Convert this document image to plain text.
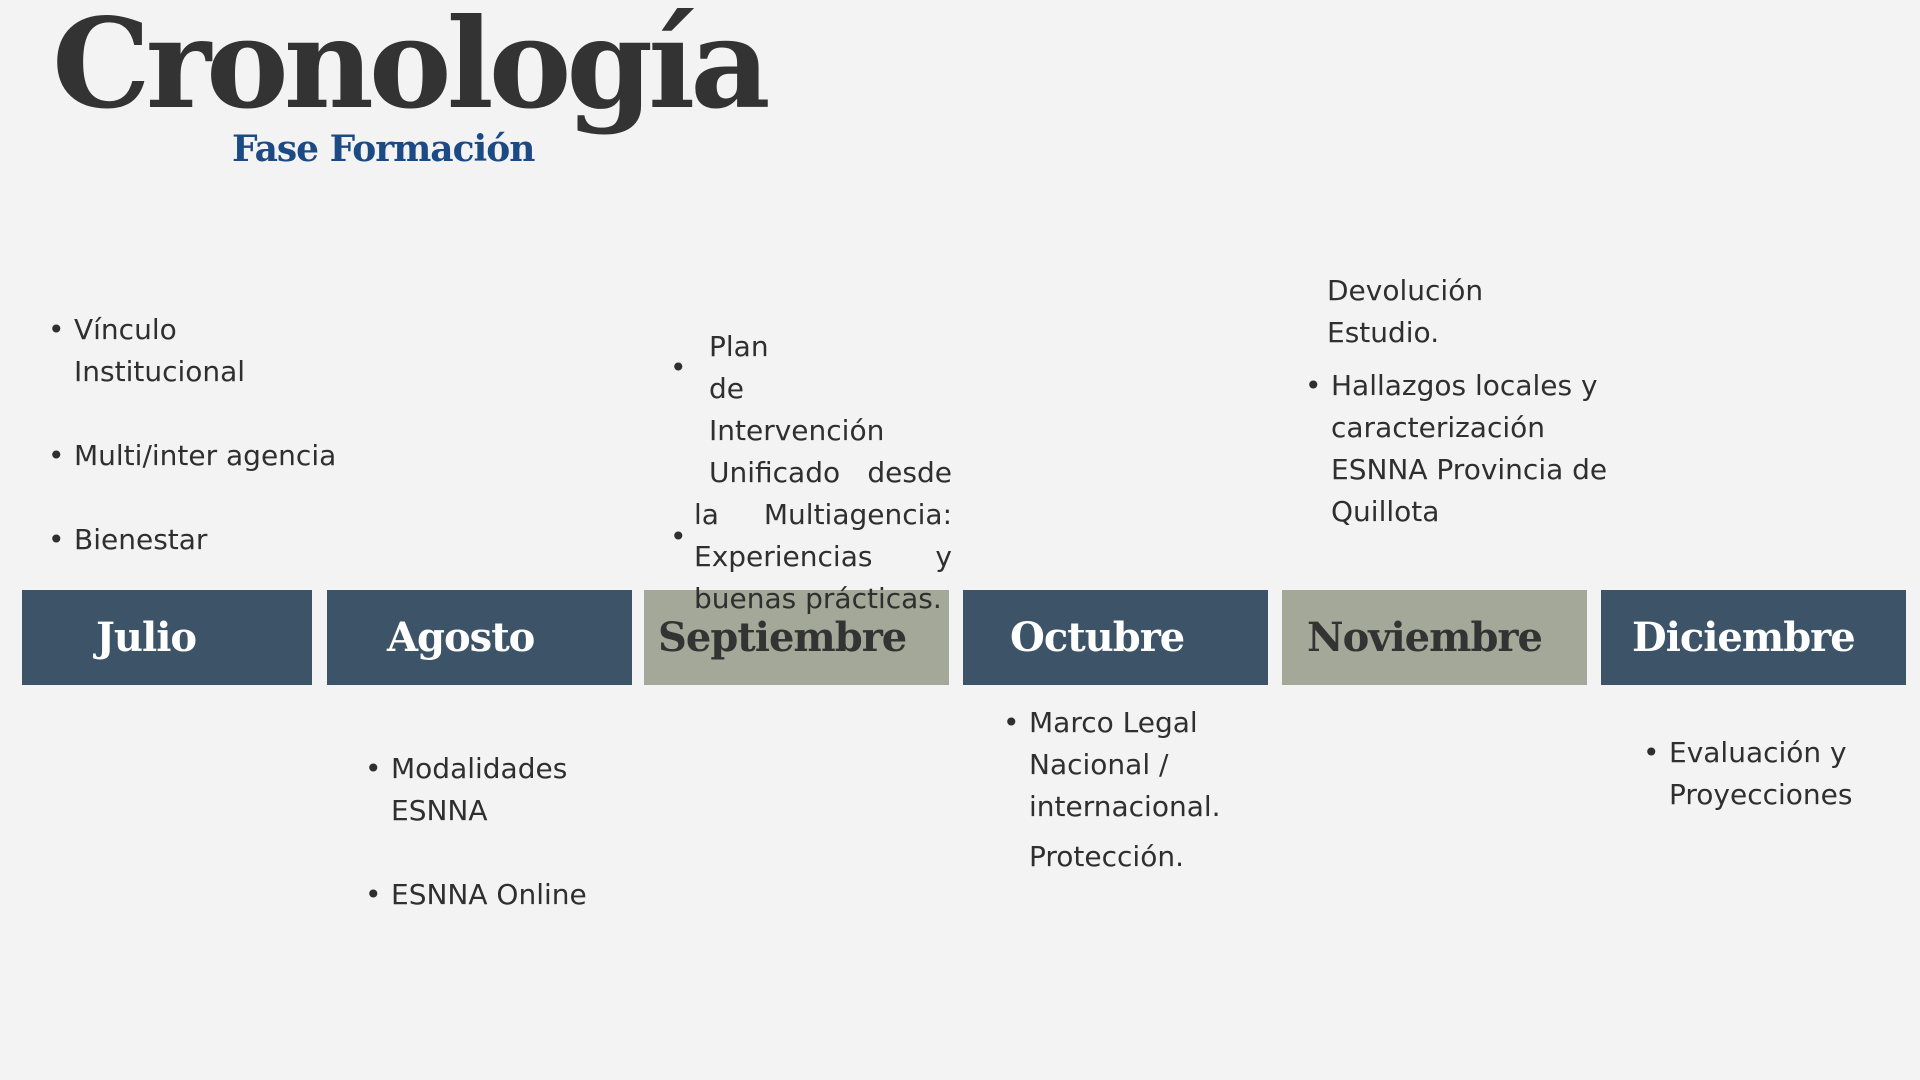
Cronología
Fase Formación
Julio	Agosto	Septiembre	Octubre	Noviembre Diciembre
• Vínculo Institucional
• Multi/inter agencia
• Bienestar
• Modalidades ESNNA
• ESNNA Online
•
•
Plan de
Intervención
Unificado desde
la Multiagencia:
Experiencias y
buenas prácticas.
• Marco Legal Nacional / internacional.
Protección.
Devolución
Estudio.
• Hallazgos locales y caracterización ESNNA Provincia de Quillota
• Evaluación y Proyecciones
